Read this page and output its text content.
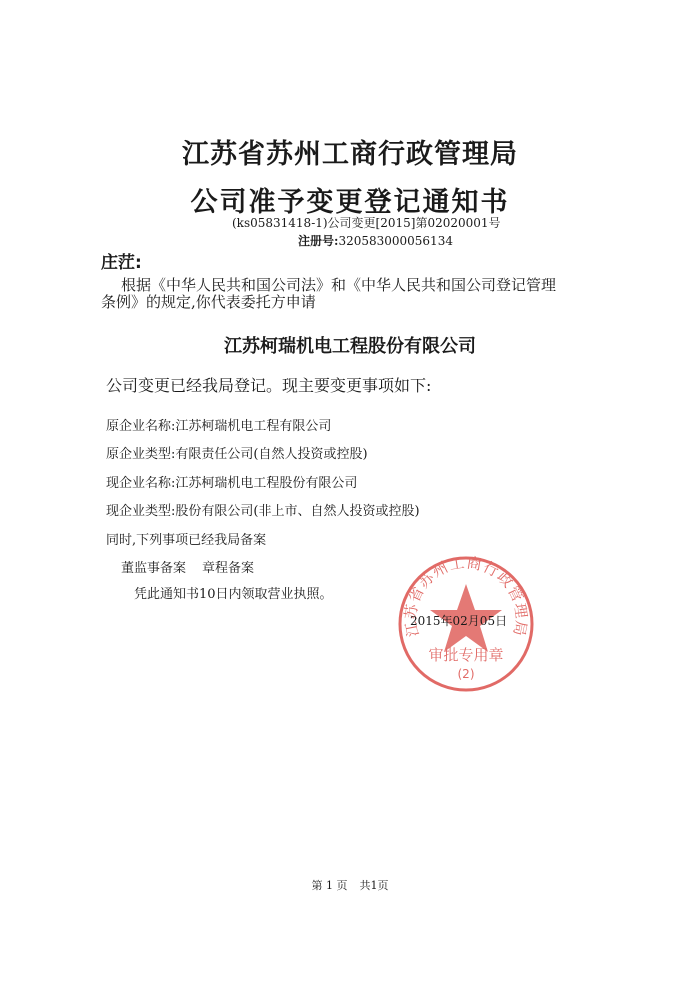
江苏省苏州工商行政管理局
公司准予变更登记通知书
(ks05831418-1)公司变更[2015]第02020001号
注册号:320583000056134
庄茳:
根据《中华人民共和国公司法》和《中华人民共和国公司登记管理
条例》的规定,你代表委托方申请
江苏柯瑞机电工程股份有限公司
公司变更已经我局登记。现主要变更事项如下:
原企业名称:江苏柯瑞机电工程有限公司
原企业类型:有限责任公司(自然人投资或控股)
现企业名称:江苏柯瑞机电工程股份有限公司
现企业类型:股份有限公司(非上市、自然人投资或控股)
同时,下列事项已经我局备案
董监事备案 章程备案
凭此通知书10日内领取营业执照。
江苏省苏州工商行政管理局
审批专用章
(2)
2015年02月05日
第 1 页 共1页
